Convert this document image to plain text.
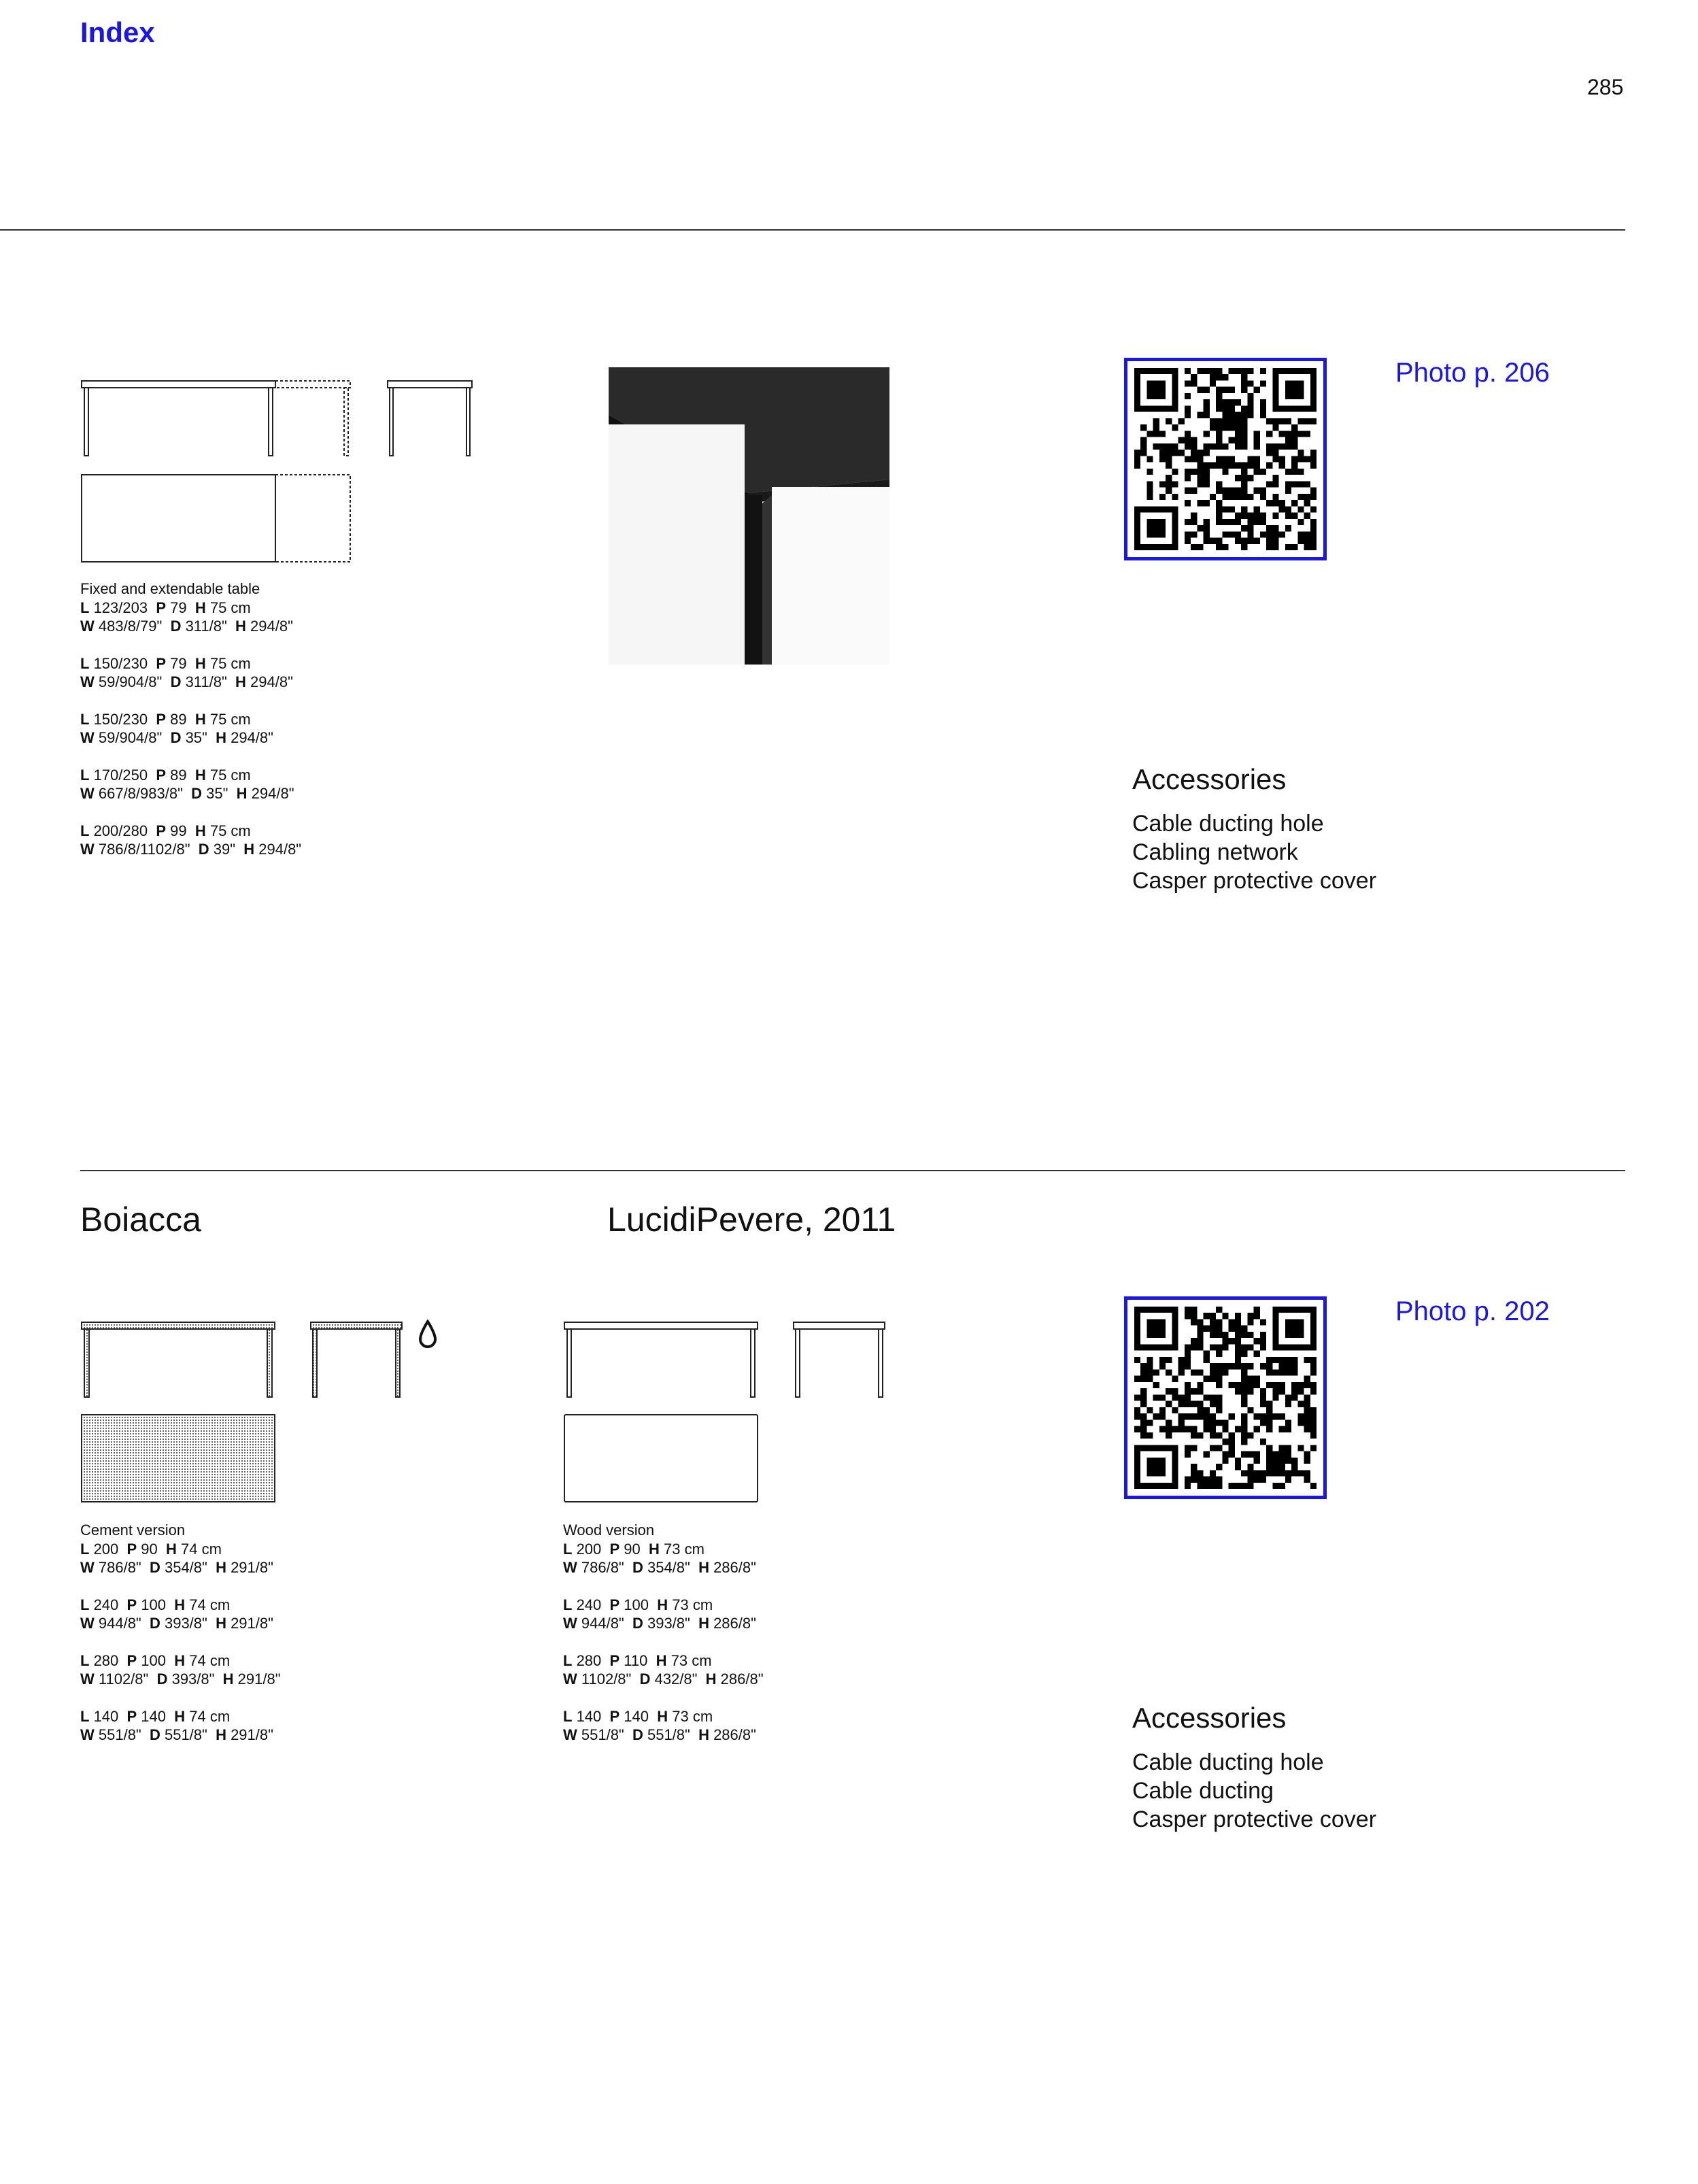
Index
285
Fixed and extendable table
L 123/203  P 79  H 75 cm
W 483/8/79"  D 311/8"  H 294/8"
L 150/230  P 79  H 75 cm
W 59/904/8"  D 311/8"  H 294/8"
L 150/230  P 89  H 75 cm
W 59/904/8"  D 35"  H 294/8"
L 170/250  P 89  H 75 cm
W 667/8/983/8"  D 35"  H 294/8"
L 200/280  P 99  H 75 cm
W 786/8/1102/8"  D 39"  H 294/8"
Photo p. 206
Accessories
Cable ducting hole
Cabling network
Casper protective cover
Boiacca	LucidiPevere, 2011
Cement version
L 200  P 90  H 74 cm
W 786/8"  D 354/8"  H 291/8"
L 240  P 100  H 74 cm
W 944/8"  D 393/8"  H 291/8"
L 280  P 100  H 74 cm
W 1102/8"  D 393/8"  H 291/8"
L 140  P 140  H 74 cm
W 551/8"  D 551/8"  H 291/8"
Wood version
L 200  P 90  H 73 cm
W 786/8"  D 354/8"  H 286/8"
L 240  P 100  H 73 cm
W 944/8"  D 393/8"  H 286/8"
L 280  P 110  H 73 cm
W 1102/8"  D 432/8"  H 286/8"
L 140  P 140  H 73 cm
W 551/8"  D 551/8"  H 286/8"
Photo p. 202
Accessories
Cable ducting hole
Cable ducting
Casper protective cover
